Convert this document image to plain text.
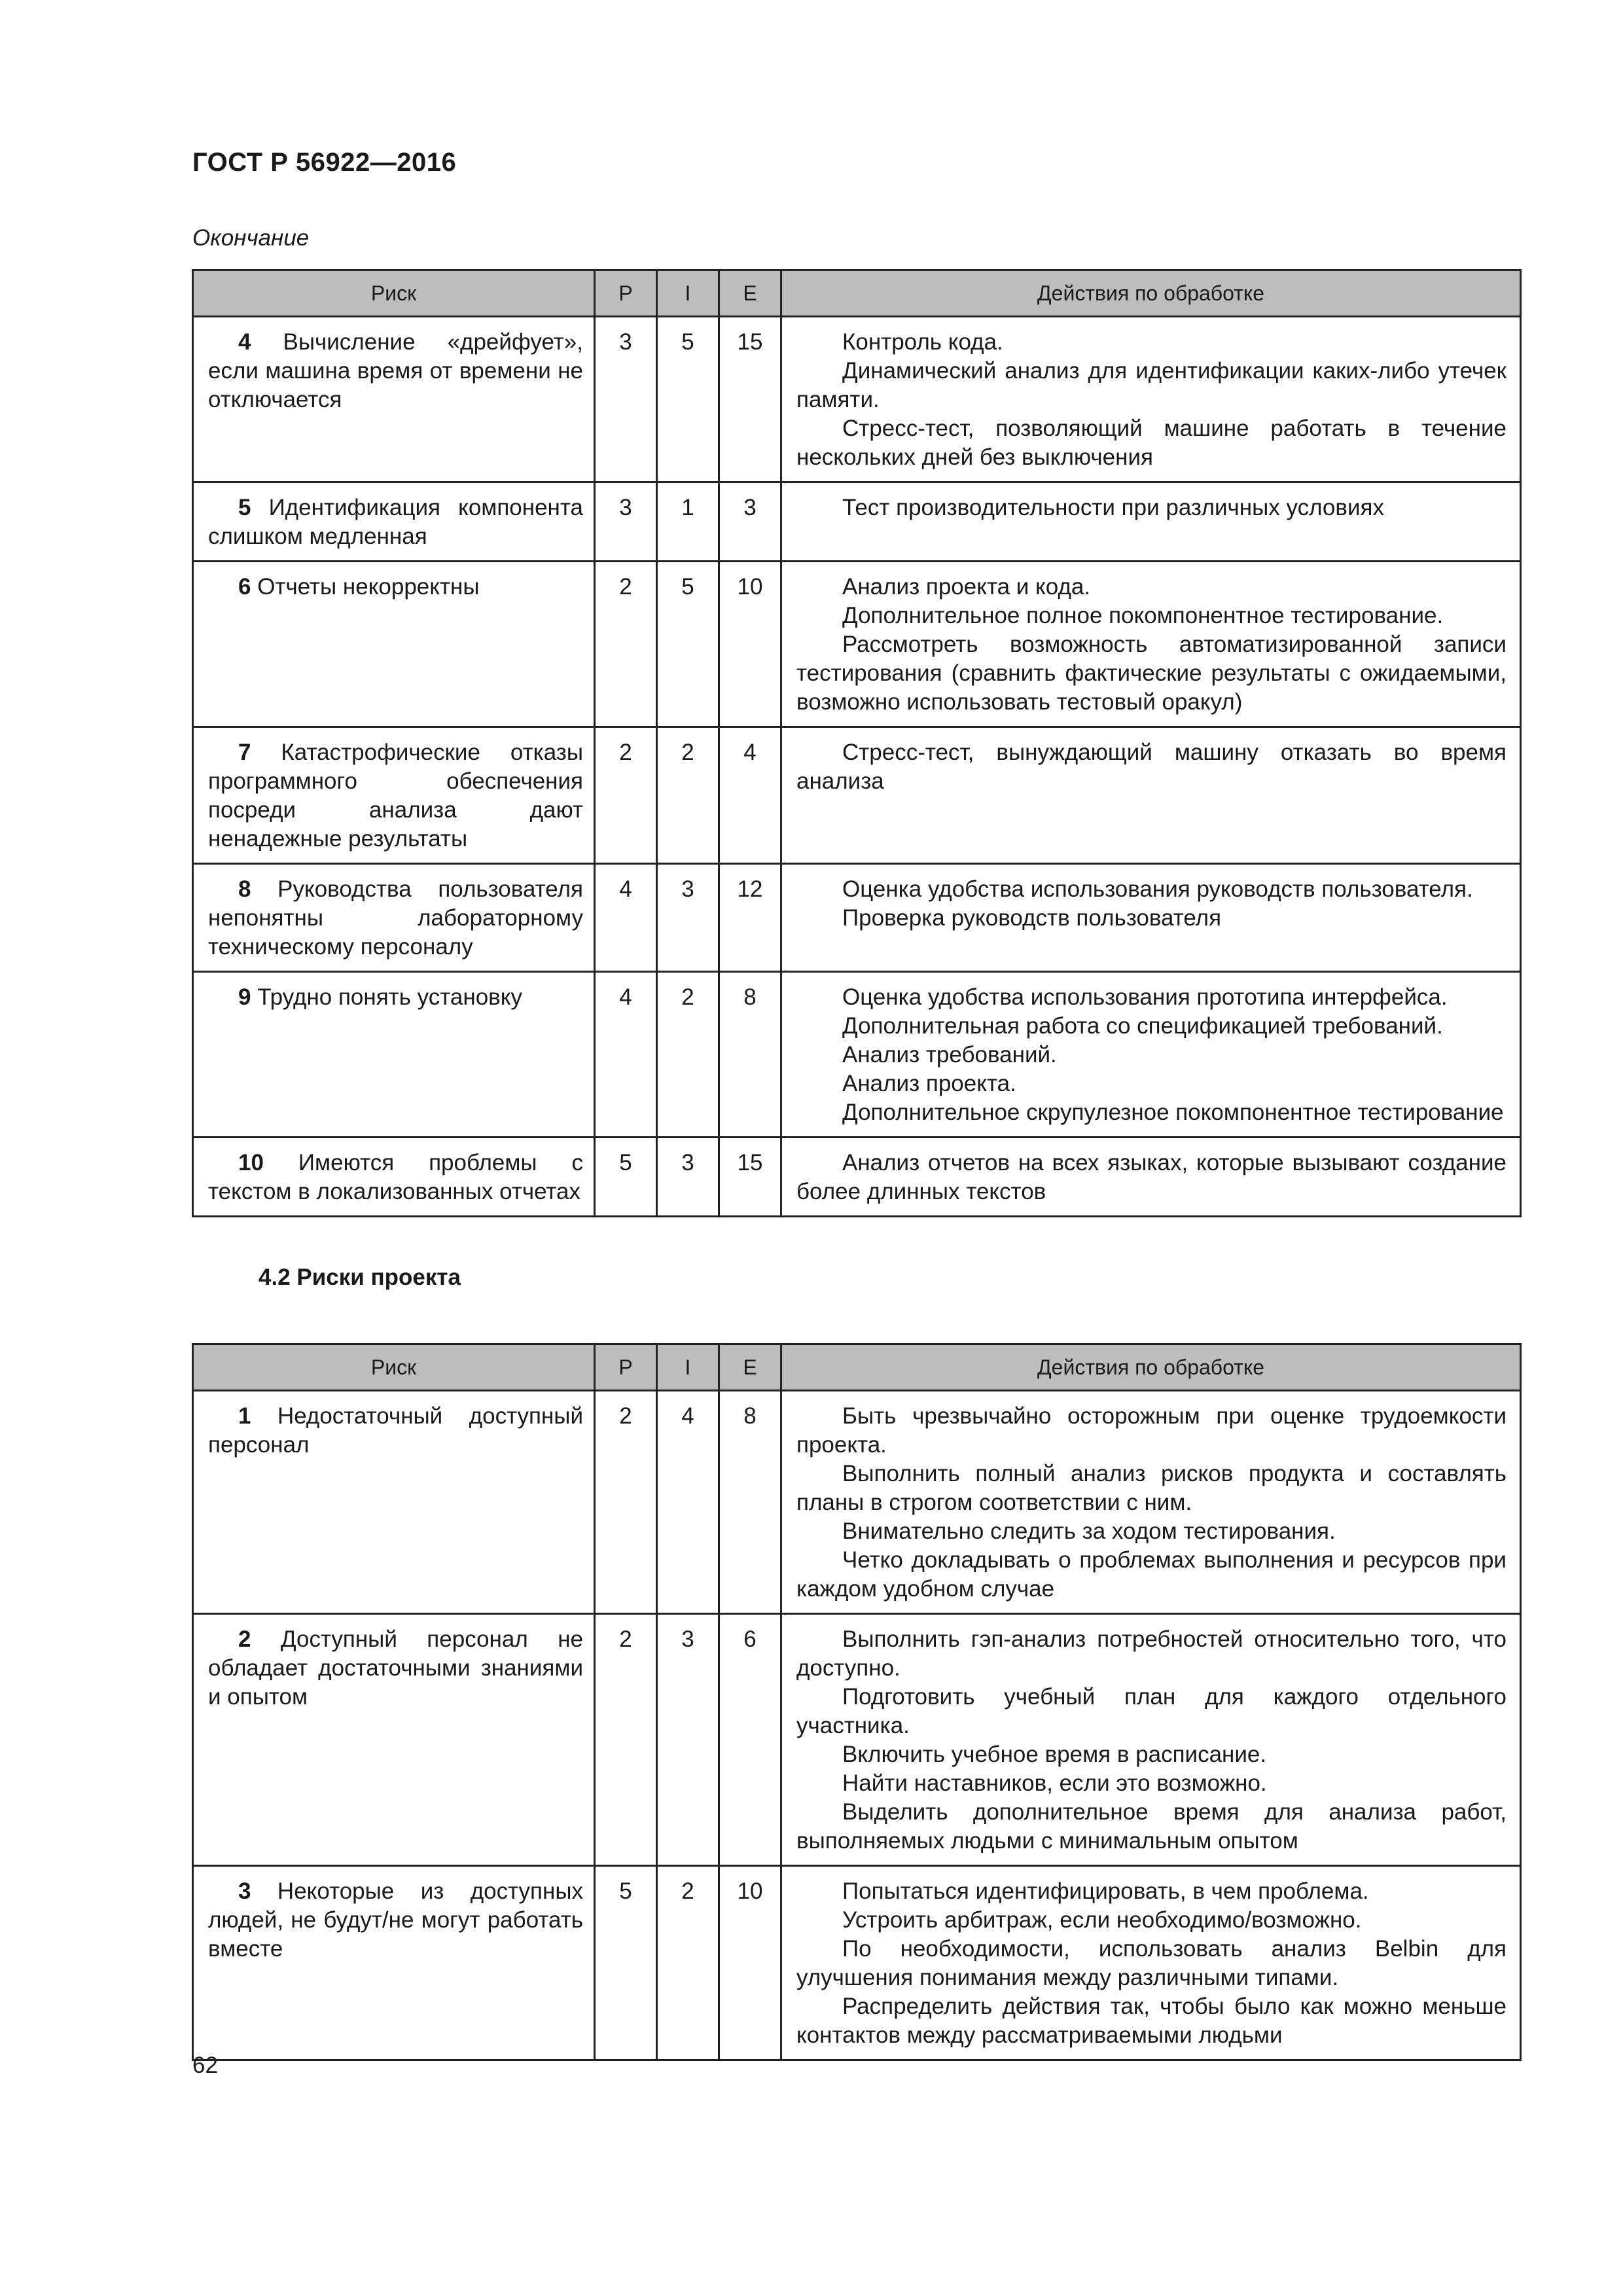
ГОСТ Р 56922—2016
Окончание
Риск	P	I	E	Действия по обработке
4 Вычисление «дрейфует», если машина время от времени не отключается	3	5	15	Контроль кода.
Динамический анализ для идентификации каких-либо утечек памяти.
Стресс-тест, позволяющий машине работать в течение нескольких дней без выключения

5 Идентификация компонента слишком медленная	3	1	3	Тест производительности при различных условиях

6 Отчеты некорректны	2	5	10	Анализ проекта и кода.
Дополнительное полное покомпонентное тестирование.
Рассмотреть возможность автоматизированной записи тестирования (сравнить фактические результаты с ожидаемыми, возможно использовать тестовый оракул)

7 Катастрофические отказы программного обеспечения посреди анализа дают ненадежные результаты	2	2	4	Стресс-тест, вынуждающий машину отказать во время анализа

8 Руководства пользователя непонятны лабораторному техническому персоналу	4	3	12	Оценка удобства использования руководств пользователя.
Проверка руководств пользователя

9 Трудно понять установку	4	2	8	Оценка удобства использования прототипа интерфейса.
Дополнительная работа со спецификацией требований.
Анализ требований.
Анализ проекта.
Дополнительное скрупулезное покомпонентное тестирование

10 Имеются проблемы с текстом в локализованных отчетах	5	3	15	Анализ отчетов на всех языках, которые вызывают создание более длинных текстов
4.2 Риски проекта
Риск	P	I	E	Действия по обработке
1 Недостаточный доступный персонал	2	4	8	Быть чрезвычайно осторожным при оценке трудоемкости проекта.
Выполнить полный анализ рисков продукта и составлять планы в строгом соответствии с ним.
Внимательно следить за ходом тестирования.
Четко докладывать о проблемах выполнения и ресурсов при каждом удобном случае

2 Доступный персонал не обладает достаточными знаниями и опытом	2	3	6	Выполнить гэп-анализ потребностей относительно того, что доступно.
Подготовить учебный план для каждого отдельного участника.
Включить учебное время в расписание.
Найти наставников, если это возможно.
Выделить дополнительное время для анализа работ, выполняемых людьми с минимальным опытом

3 Некоторые из доступных людей, не будут/не могут работать вместе	5	2	10	Попытаться идентифицировать, в чем проблема.
Устроить арбитраж, если необходимо/возможно.
По необходимости, использовать анализ Belbin для улучшения понимания между различными типами.
Распределить действия так, чтобы было как можно меньше контактов между рассматриваемыми людьми
62
